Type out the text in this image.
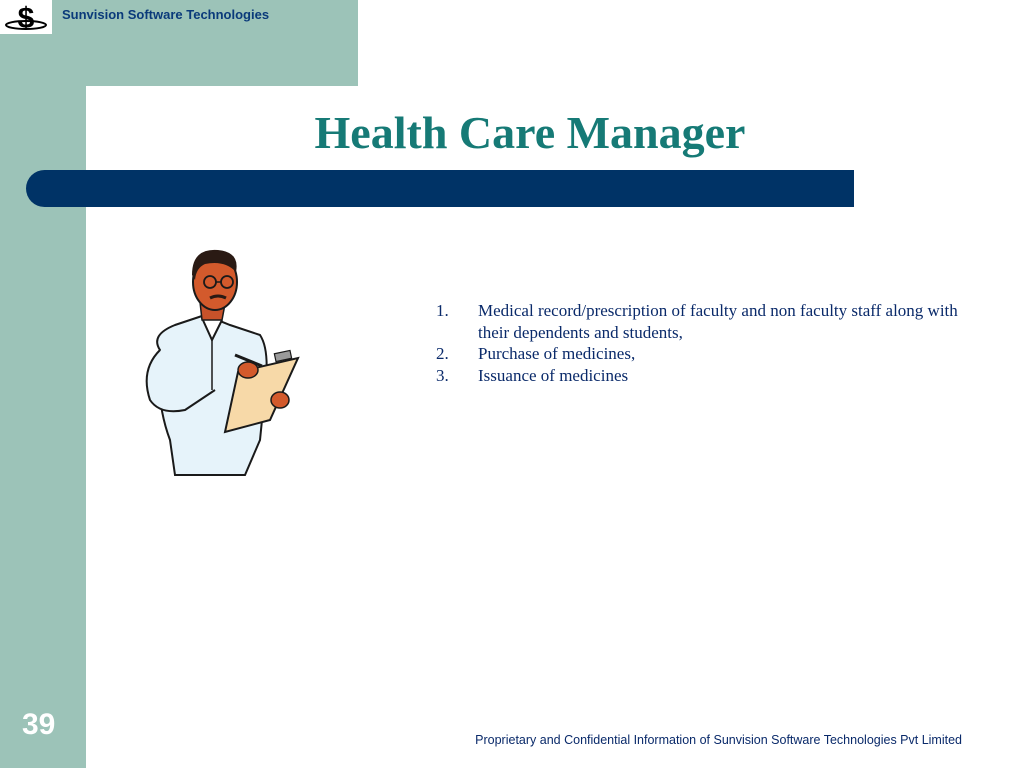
$ Sunvision Software Technologies
Health Care Manager
1. Medical record/prescription of faculty and non faculty staff along with their dependents and students,
2. Purchase of medicines,
3. Issuance of medicines
39	Proprietary and Confidential Information of Sunvision Software Technologies Pvt Limited
